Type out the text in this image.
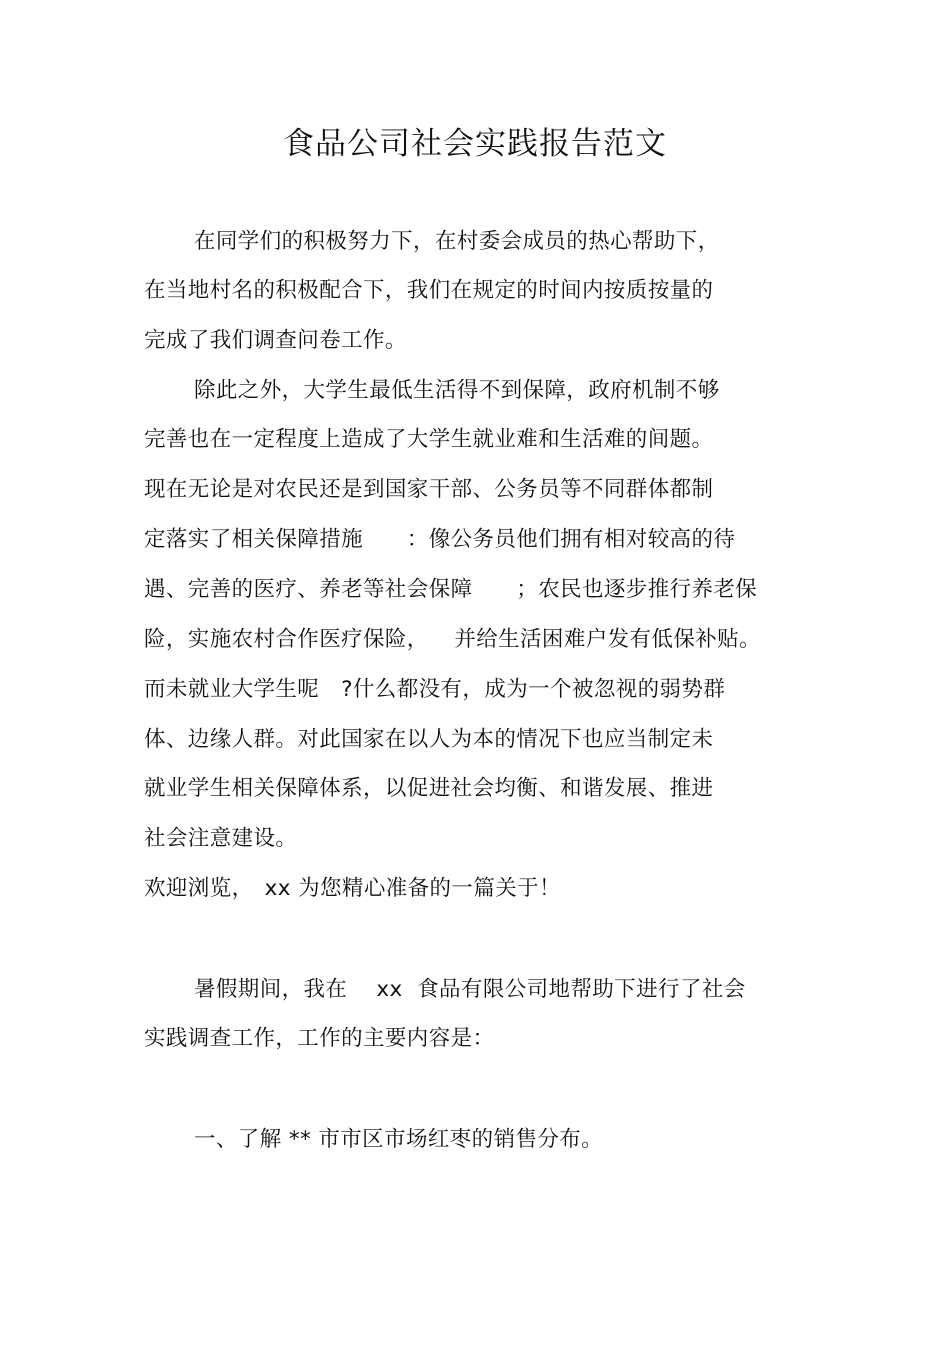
食品公司社会实践报告范文
在同学们的积极努力下，在村委会成员的热心帮助下，
在当地村名的积极配合下，我们在规定的时间内按质按量的
完成了我们调查问卷工作。
除此之外，大学生最低生活得不到保障，政府机制不够
完善也在一定程度上造成了大学生就业难和生活难的间题。
现在无论是对农民还是到国家干部、公务员等不同群体都制
定落实了相关保障措施　　：像公务员他们拥有相对较高的待
遇、完善的医疗、养老等社会保障　　；农民也逐步推行养老保
险，实施农村合作医疗保险，　  并给生活困难户发有低保补贴。
而未就业大学生呢　?什么都没有，成为一个被忽视的弱势群
体、边缘人群。对此国家在以人为本的情况下也应当制定未
就业学生相关保障体系，以促进社会均衡、和谐发展、推进
社会注意建设。
欢迎浏览，　xx 为您精心准备的一篇关于！
暑假期间，我在　 xx  食品有限公司地帮助下进行了社会
实践调查工作，工作的主要内容是：
一、了解 ** 市市区市场红枣的销售分布。
